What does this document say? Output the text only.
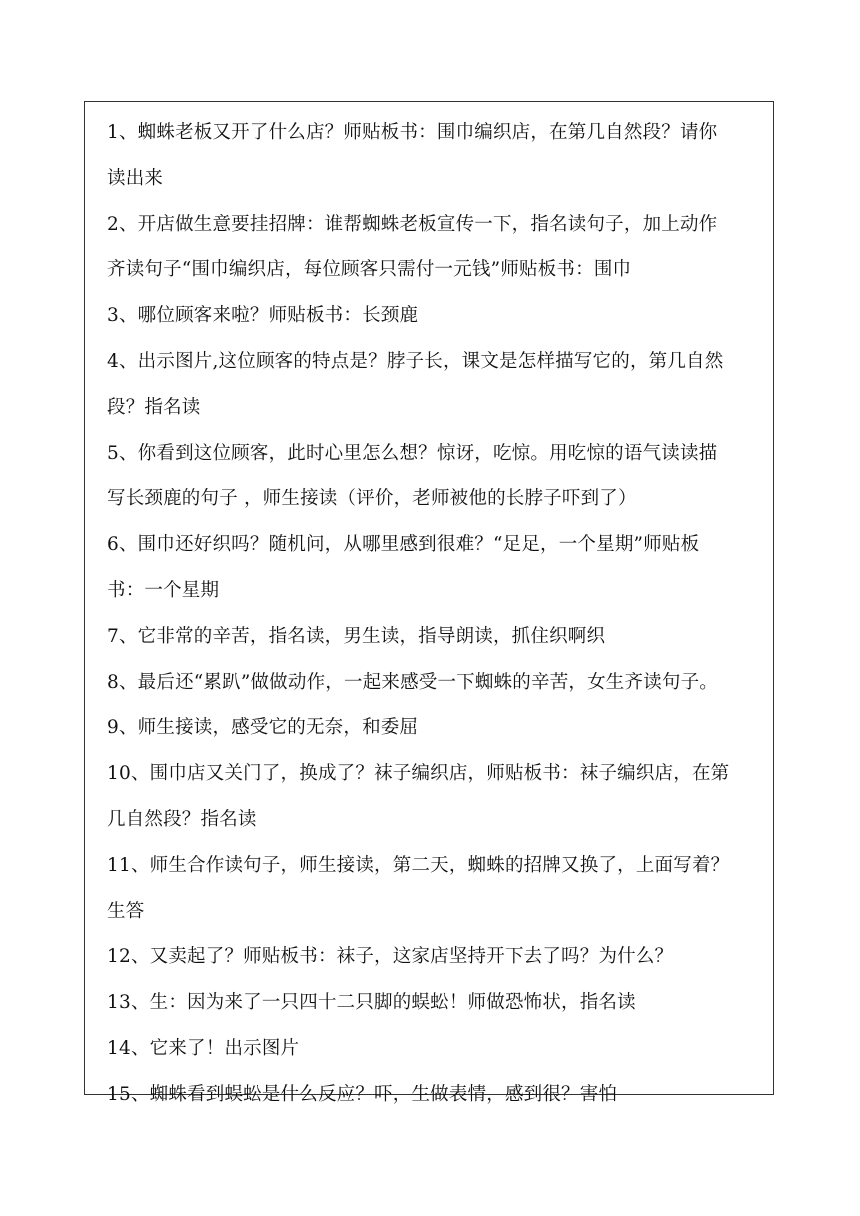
1、蜘蛛老板又开了什么店？师贴板书：围巾编织店，在第几自然段？请你
读出来
2、开店做生意要挂招牌：谁帮蜘蛛老板宣传一下，指名读句子，加上动作
齐读句子“围巾编织店，每位顾客只需付一元钱”师贴板书：围巾
3、哪位顾客来啦？师贴板书：长颈鹿
4、出示图片,这位顾客的特点是？脖子长，课文是怎样描写它的，第几自然
段？指名读
5、你看到这位顾客，此时心里怎么想？惊讶，吃惊。用吃惊的语气读读描
写长颈鹿的句子 ，师生接读（评价，老师被他的长脖子吓到了）
6、围巾还好织吗？随机问，从哪里感到很难？“足足，一个星期”师贴板
书：一个星期
7、它非常的辛苦，指名读，男生读，指导朗读，抓住织啊织
8、最后还“累趴”做做动作，一起来感受一下蜘蛛的辛苦，女生齐读句子。
9、师生接读，感受它的无奈，和委屈
10、围巾店又关门了，换成了？袜子编织店，师贴板书：袜子编织店，在第
几自然段？指名读
11、师生合作读句子，师生接读，第二天，蜘蛛的招牌又换了，上面写着？
生答
12、又卖起了？师贴板书：袜子，这家店坚持开下去了吗？为什么？
13、生：因为来了一只四十二只脚的蜈蚣！师做恐怖状，指名读
14、它来了！出示图片
15、蜘蛛看到蜈蚣是什么反应？吓，生做表情，感到很？害怕
